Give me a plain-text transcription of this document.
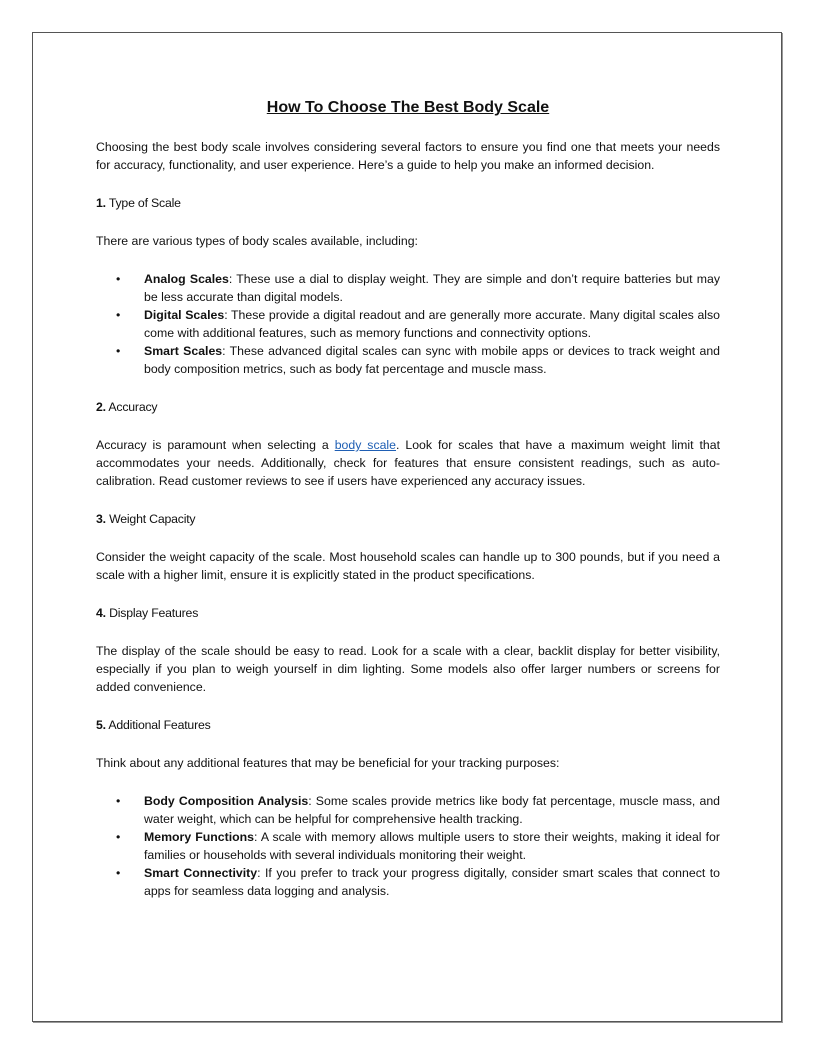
How To Choose The Best Body Scale

Choosing the best body scale involves considering several factors to ensure you find one that meets your needs for accuracy, functionality, and user experience. Here’s a guide to help you make an informed decision.

1. Type of Scale

There are various types of body scales available, including:

• Analog Scales: These use a dial to display weight. They are simple and don’t require batteries but may be less accurate than digital models.
• Digital Scales: These provide a digital readout and are generally more accurate. Many digital scales also come with additional features, such as memory functions and connectivity options.
• Smart Scales: These advanced digital scales can sync with mobile apps or devices to track weight and body composition metrics, such as body fat percentage and muscle mass.
2. Accuracy

Accuracy is paramount when selecting a body scale. Look for scales that have a maximum weight limit that accommodates your needs. Additionally, check for features that ensure consistent readings, such as auto-calibration. Read customer reviews to see if users have experienced any accuracy issues.

3. Weight Capacity

Consider the weight capacity of the scale. Most household scales can handle up to 300 pounds, but if you need a scale with a higher limit, ensure it is explicitly stated in the product specifications.

4. Display Features

The display of the scale should be easy to read. Look for a scale with a clear, backlit display for better visibility, especially if you plan to weigh yourself in dim lighting. Some models also offer larger numbers or screens for added convenience.

5. Additional Features

Think about any additional features that may be beneficial for your tracking purposes:

• Body Composition Analysis: Some scales provide metrics like body fat percentage, muscle mass, and water weight, which can be helpful for comprehensive health tracking.
• Memory Functions: A scale with memory allows multiple users to store their weights, making it ideal for families or households with several individuals monitoring their weight.
• Smart Connectivity: If you prefer to track your progress digitally, consider smart scales that connect to apps for seamless data logging and analysis.
